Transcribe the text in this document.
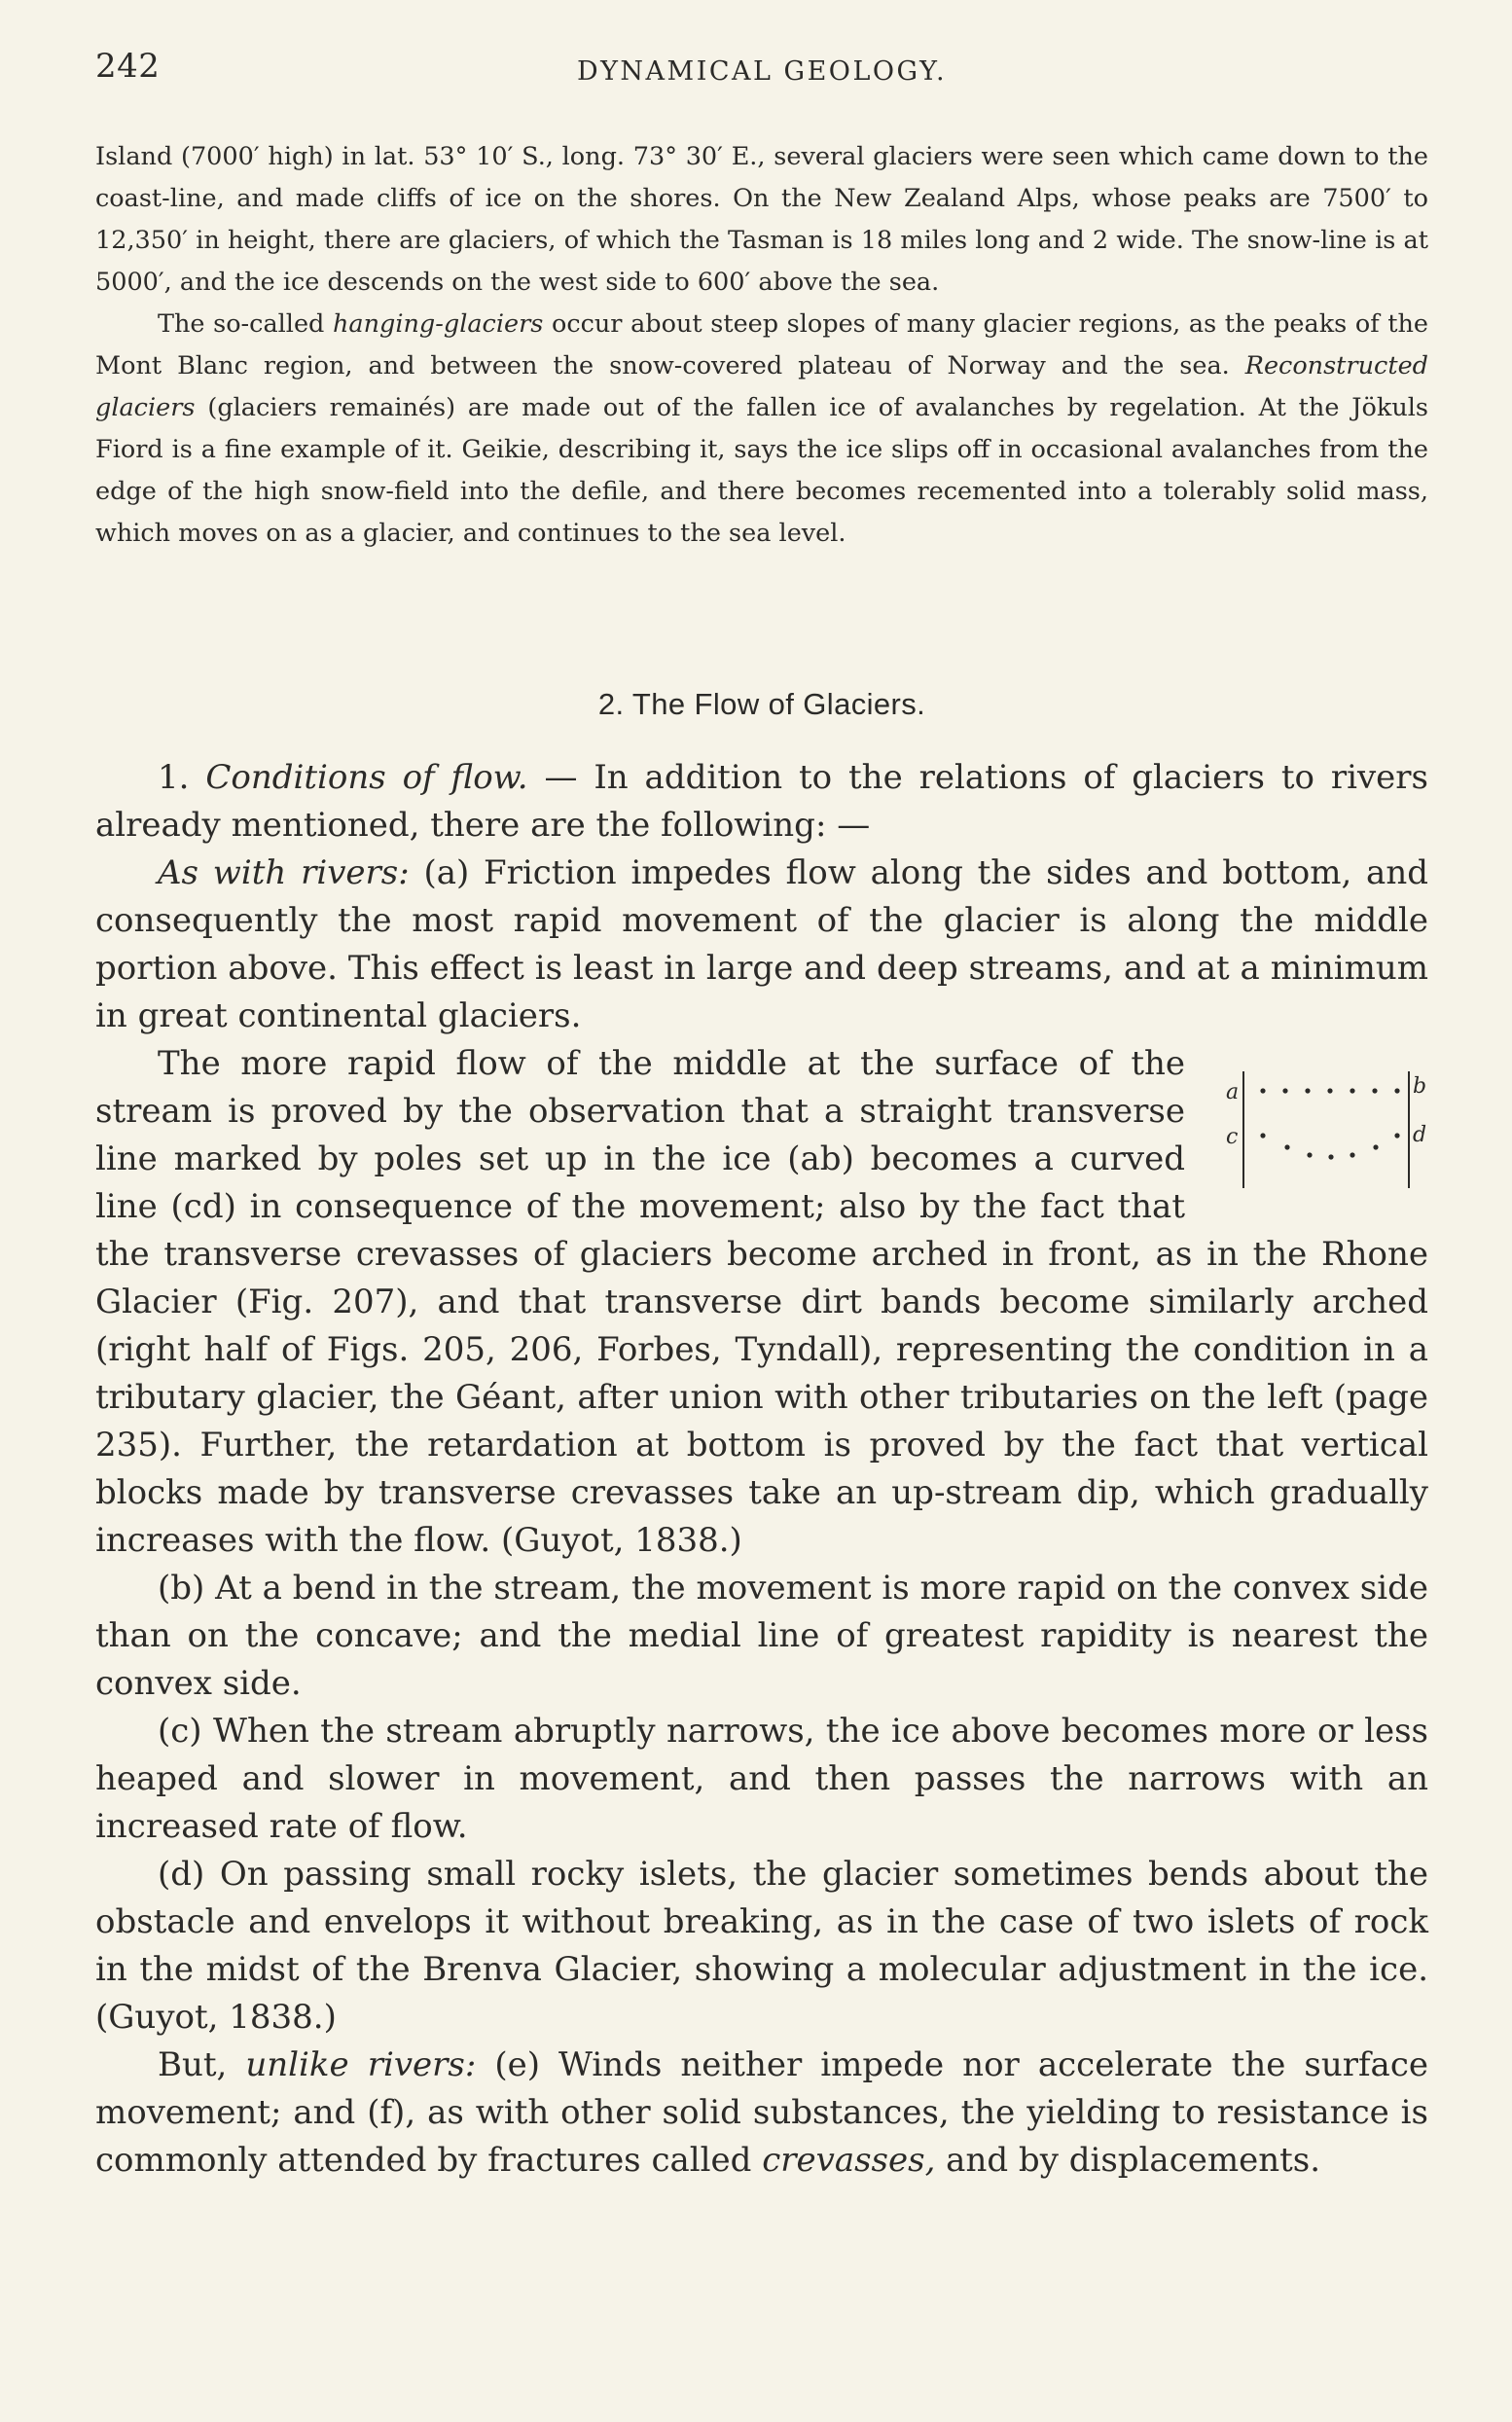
242	DYNAMICAL GEOLOGY.

Island (7000′ high) in lat. 53° 10′ S., long. 73° 30′ E., several glaciers were seen which came down to the coast-line, and made cliffs of ice on the shores. On the New Zealand Alps, whose peaks are 7500′ to 12,350′ in height, there are glaciers, of which the Tasman is 18 miles long and 2 wide. The snow-line is at 5000′, and the ice descends on the west side to 600′ above the sea.

The so-called hanging-glaciers occur about steep slopes of many glacier regions, as the peaks of the Mont Blanc region, and between the snow-covered plateau of Norway and the sea. Reconstructed glaciers (glaciers remainés) are made out of the fallen ice of avalanches by regelation. At the Jökuls Fiord is a fine example of it. Geikie, describing it, says the ice slips off in occasional avalanches from the edge of the high snow-field into the defile, and there becomes recemented into a tolerably solid mass, which moves on as a glacier, and continues to the sea level.

2. The Flow of Glaciers.

1. Conditions of flow. — In addition to the relations of glaciers to rivers already mentioned, there are the following: —

As with rivers: (a) Friction impedes flow along the sides and bottom, and consequently the most rapid movement of the glacier is along the middle portion above. This effect is least in large and deep streams, and at a minimum in great continental glaciers.

a	b
c	d
The more rapid flow of the middle at the surface of the stream is proved by the observation that a straight transverse line marked by poles set up in the ice (ab) becomes a curved line (cd) in consequence of the movement; also by the fact that the transverse crevasses of glaciers become arched in front, as in the Rhone Glacier (Fig. 207), and that transverse dirt bands become similarly arched (right half of Figs. 205, 206, Forbes, Tyndall), representing the condition in a tributary glacier, the Géant, after union with other tributaries on the left (page 235). Further, the retardation at bottom is proved by the fact that vertical blocks made by transverse crevasses take an up-stream dip, which gradually increases with the flow. (Guyot, 1838.)

(b) At a bend in the stream, the movement is more rapid on the convex side than on the concave; and the medial line of greatest rapidity is nearest the convex side.

(c) When the stream abruptly narrows, the ice above becomes more or less heaped and slower in movement, and then passes the narrows with an increased rate of flow.

(d) On passing small rocky islets, the glacier sometimes bends about the obstacle and envelops it without breaking, as in the case of two islets of rock in the midst of the Brenva Glacier, showing a molecular adjustment in the ice. (Guyot, 1838.)

But, unlike rivers: (e) Winds neither impede nor accelerate the surface movement; and (f), as with other solid substances, the yielding to resistance is commonly attended by fractures called crevasses, and by displacements.
